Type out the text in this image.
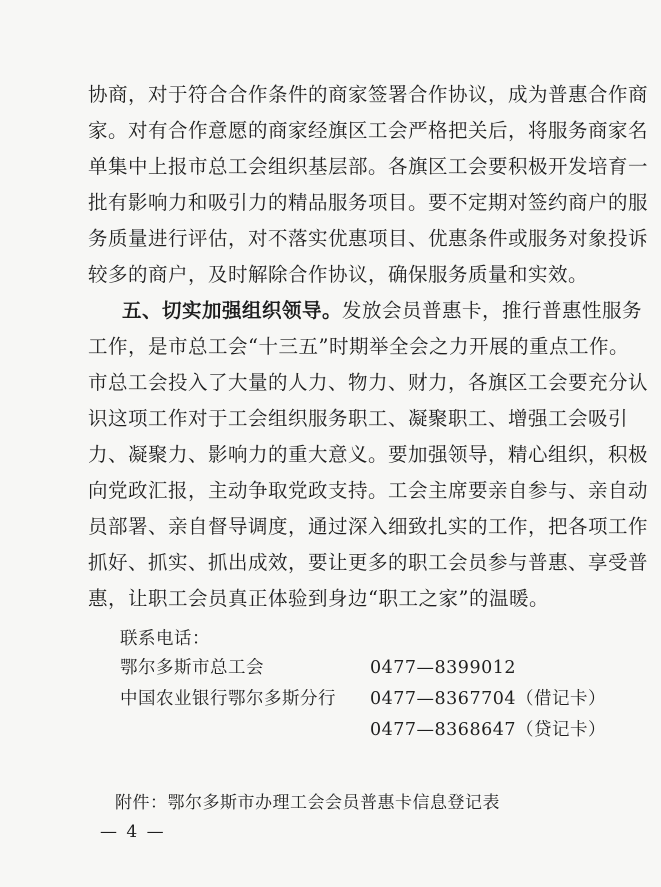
协商，对于符合合作条件的商家签署合作协议，成为普惠合作商
家。对有合作意愿的商家经旗区工会严格把关后，将服务商家名
单集中上报市总工会组织基层部。各旗区工会要积极开发培育一
批有影响力和吸引力的精品服务项目。要不定期对签约商户的服
务质量进行评估，对不落实优惠项目、优惠条件或服务对象投诉
较多的商户，及时解除合作协议，确保服务质量和实效。
五、切实加强组织领导。发放会员普惠卡，推行普惠性服务
工作，是市总工会“十三五”时期举全会之力开展的重点工作。
市总工会投入了大量的人力、物力、财力，各旗区工会要充分认
识这项工作对于工会组织服务职工、凝聚职工、增强工会吸引
力、凝聚力、影响力的重大意义。要加强领导，精心组织，积极
向党政汇报，主动争取党政支持。工会主席要亲自参与、亲自动
员部署、亲自督导调度，通过深入细致扎实的工作，把各项工作
抓好、抓实、抓出成效，要让更多的职工会员参与普惠、享受普
惠，让职工会员真正体验到身边“职工之家”的温暖。
联系电话：
鄂尔多斯市总工会	0477—8399012
中国农业银行鄂尔多斯分行 0477—8367704（借记卡）
0477—8368647（贷记卡）
附件：鄂尔多斯市办理工会会员普惠卡信息登记表
— 4 —
